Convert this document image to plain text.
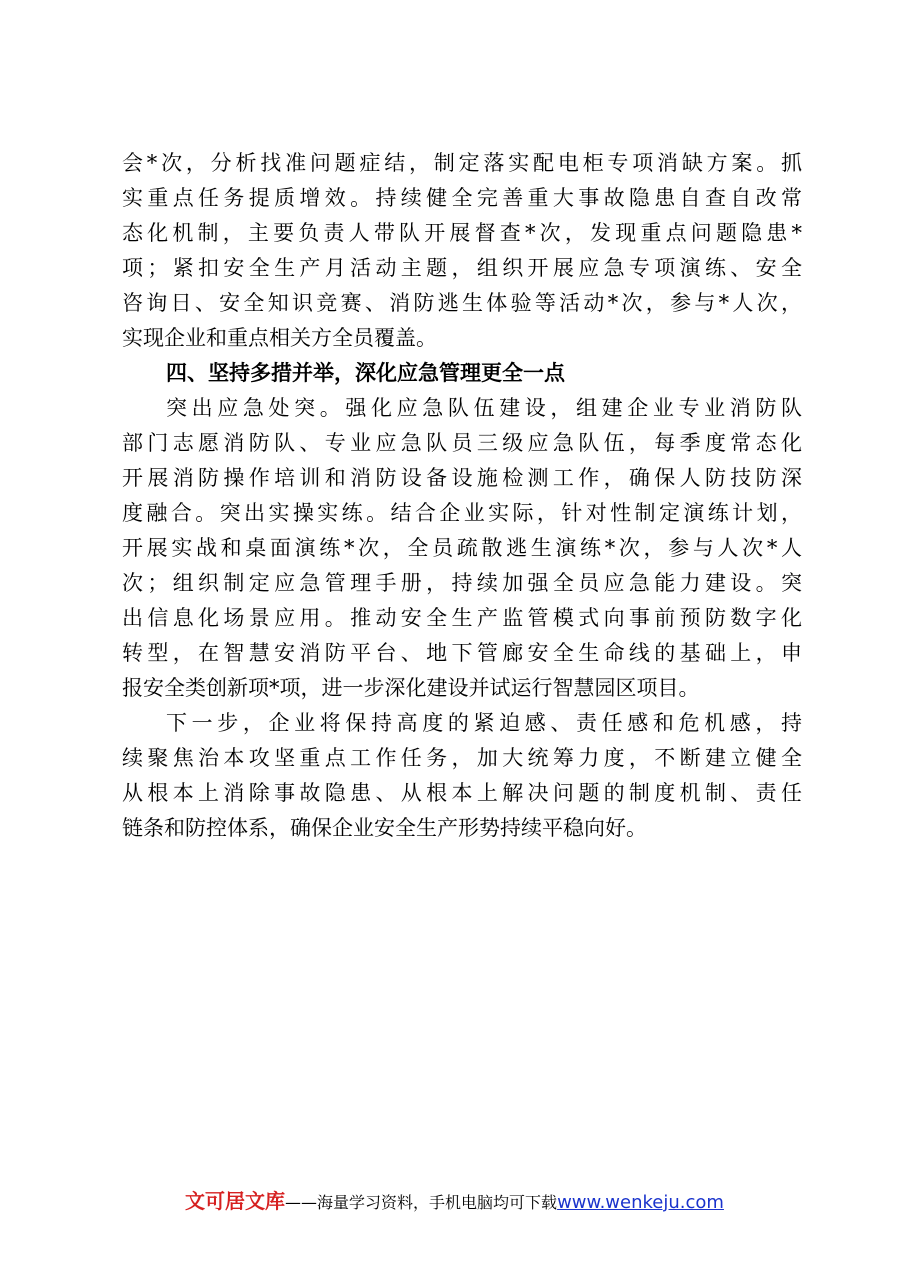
会*次，分析找准问题症结，制定落实配电柜专项消缺方案。抓
实重点任务提质增效。持续健全完善重大事故隐患自查自改常
态化机制，主要负责人带队开展督查*次，发现重点问题隐患*
项；紧扣安全生产月活动主题，组织开展应急专项演练、安全
咨询日、安全知识竞赛、消防逃生体验等活动*次，参与*人次，
实现企业和重点相关方全员覆盖。
四、坚持多措并举，深化应急管理更全一点
突出应急处突。强化应急队伍建设，组建企业专业消防队
部门志愿消防队、专业应急队员三级应急队伍，每季度常态化
开展消防操作培训和消防设备设施检测工作，确保人防技防深
度融合。突出实操实练。结合企业实际，针对性制定演练计划，
开展实战和桌面演练*次，全员疏散逃生演练*次，参与人次*人
次；组织制定应急管理手册，持续加强全员应急能力建设。突
出信息化场景应用。推动安全生产监管模式向事前预防数字化
转型，在智慧安消防平台、地下管廊安全生命线的基础上，申
报安全类创新项*项，进一步深化建设并试运行智慧园区项目。
下一步，企业将保持高度的紧迫感、责任感和危机感，持
续聚焦治本攻坚重点工作任务，加大统筹力度，不断建立健全
从根本上消除事故隐患、从根本上解决问题的制度机制、责任
链条和防控体系，确保企业安全生产形势持续平稳向好。
文可居文库——海量学习资料，手机电脑均可下载www.wenkeju.com
